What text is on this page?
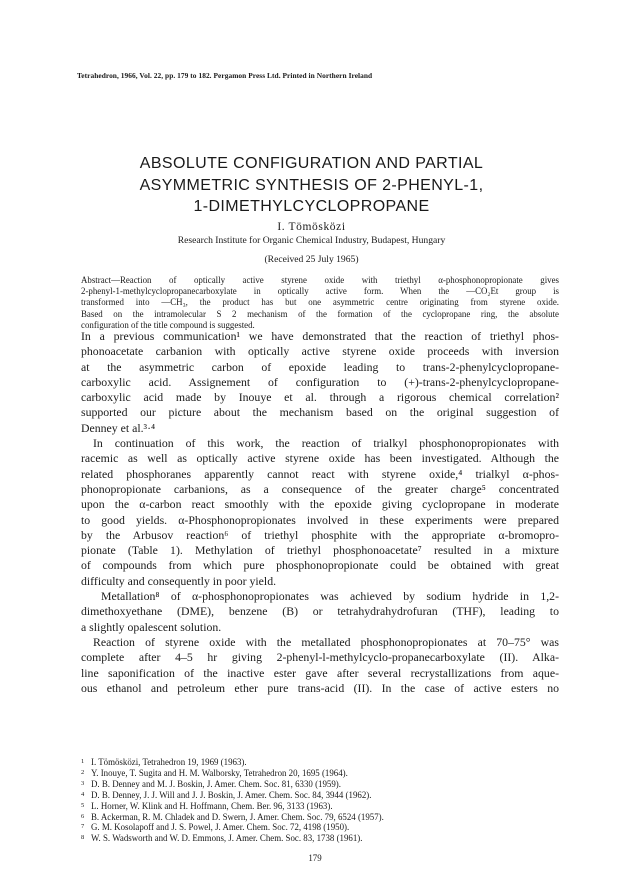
Tetrahedron, 1966, Vol. 22, pp. 179 to 182. Pergamon Press Ltd. Printed in Northern Ireland
ABSOLUTE CONFIGURATION AND PARTIAL
ASYMMETRIC SYNTHESIS OF 2-PHENYL-1,
1-DIMETHYLCYCLOPROPANE
I. Tömösközi
Research Institute for Organic Chemical Industry, Budapest, Hungary
(Received 25 July 1965)
Abstract—Reaction of optically active styrene oxide with triethyl α-phosphonopropionate gives
2-phenyl-1-methylcyclopropanecarboxylate in optically active form. When the —CO₂Et group is
transformed into —CH₃, the product has but one asymmetric centre originating from styrene oxide.
Based on the intramolecular S 2 mechanism of the formation of the cyclopropane ring, the absolute
configuration of the title compound is suggested.
In a previous communication¹ we have demonstrated that the reaction of triethyl phos-
phonoacetate carbanion with optically active styrene oxide proceeds with inversion
at the asymmetric carbon of epoxide leading to trans-2-phenylcyclopropane-
carboxylic acid. Assignement of configuration to (+)-trans-2-phenylcyclopropane-
carboxylic acid made by Inouye et al. through a rigorous chemical correlation²
supported our picture about the mechanism based on the original suggestion of
Denney et al.³·⁴
In continuation of this work, the reaction of trialkyl phosphonopropionates with
racemic as well as optically active styrene oxide has been investigated. Although the
related phosphoranes apparently cannot react with styrene oxide,⁴ trialkyl α-phos-
phonopropionate carbanions, as a consequence of the greater charge⁵ concentrated
upon the α-carbon react smoothly with the epoxide giving cyclopropane in moderate
to good yields. α-Phosphonopropionates involved in these experiments were prepared
by the Arbusov reaction⁶ of triethyl phosphite with the appropriate α-bromopro-
pionate (Table 1). Methylation of triethyl phosphonoacetate⁷ resulted in a mixture
of compounds from which pure phosphonopropionate could be obtained with great
difficulty and consequently in poor yield.
Metallation⁸ of α-phosphonopropionates was achieved by sodium hydride in 1,2-
dimethoxyethane (DME), benzene (B) or tetrahydrahydrofuran (THF), leading to
a slightly opalescent solution.
Reaction of styrene oxide with the metallated phosphonopropionates at 70–75° was
complete after 4–5 hr giving 2-phenyl-l-methylcyclo-propanecarboxylate (II). Alka-
line saponification of the inactive ester gave after several recrystallizations from aque-
ous ethanol and petroleum ether pure trans-acid (II). In the case of active esters no
1 I. Tömösközi, Tetrahedron 19, 1969 (1963).
2 Y. Inouye, T. Sugita and H. M. Walborsky, Tetrahedron 20, 1695 (1964).
3 D. B. Denney and M. J. Boskin, J. Amer. Chem. Soc. 81, 6330 (1959).
4 D. B. Denney, J. J. Will and J. J. Boskin, J. Amer. Chem. Soc. 84, 3944 (1962).
5 L. Horner, W. Klink and H. Hoffmann, Chem. Ber. 96, 3133 (1963).
6 B. Ackerman, R. M. Chladek and D. Swern, J. Amer. Chem. Soc. 79, 6524 (1957).
7 G. M. Kosolapoff and J. S. Powel, J. Amer. Chem. Soc. 72, 4198 (1950).
8 W. S. Wadsworth and W. D. Emmons, J. Amer. Chem. Soc. 83, 1738 (1961).
179
